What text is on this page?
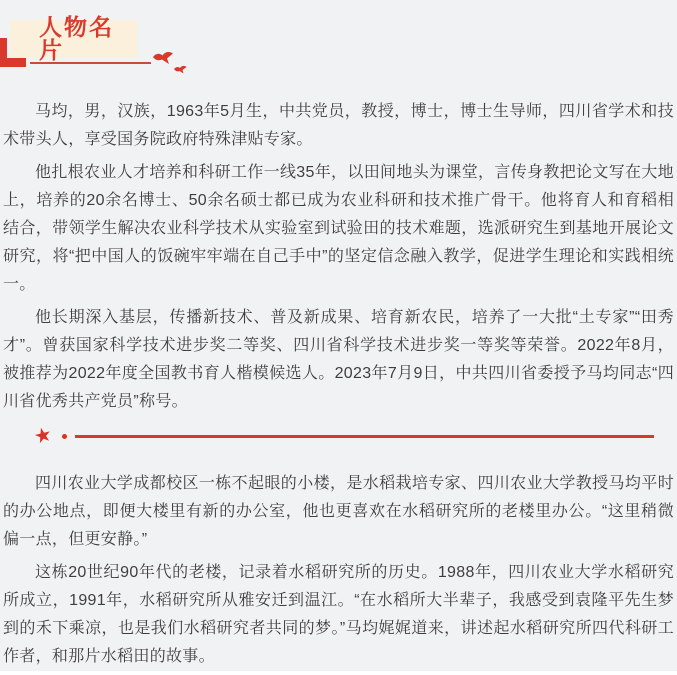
人物名片

马均，男，汉族，1963年5月生，中共党员，教授，博士，博士生导师，四川省学术和技术带头人，享受国务院政府特殊津贴专家。

他扎根农业人才培养和科研工作一线35年，以田间地头为课堂，言传身教把论文写在大地上，培养的20余名博士、50余名硕士都已成为农业科研和技术推广骨干。他将育人和育稻相结合，带领学生解决农业科学技术从实验室到试验田的技术难题，选派研究生到基地开展论文研究，将“把中国人的饭碗牢牢端在自己手中”的坚定信念融入教学，促进学生理论和实践相统一。

他长期深入基层，传播新技术、普及新成果、培育新农民，培养了一大批“土专家”“田秀才”。曾获国家科学技术进步奖二等奖、四川省科学技术进步奖一等奖等荣誉。2022年8月，被推荐为2022年度全国教书育人楷模候选人。2023年7月9日，中共四川省委授予马均同志“四川省优秀共产党员”称号。

★

四川农业大学成都校区一栋不起眼的小楼，是水稻栽培专家、四川农业大学教授马均平时的办公地点，即便大楼里有新的办公室，他也更喜欢在水稻研究所的老楼里办公。“这里稍微偏一点，但更安静。”

这栋20世纪90年代的老楼，记录着水稻研究所的历史。1988年，四川农业大学水稻研究所成立，1991年，水稻研究所从雅安迁到温江。“在水稻所大半辈子，我感受到袁隆平先生梦到的禾下乘凉，也是我们水稻研究者共同的梦。”马均娓娓道来，讲述起水稻研究所四代科研工作者，和那片水稻田的故事。
